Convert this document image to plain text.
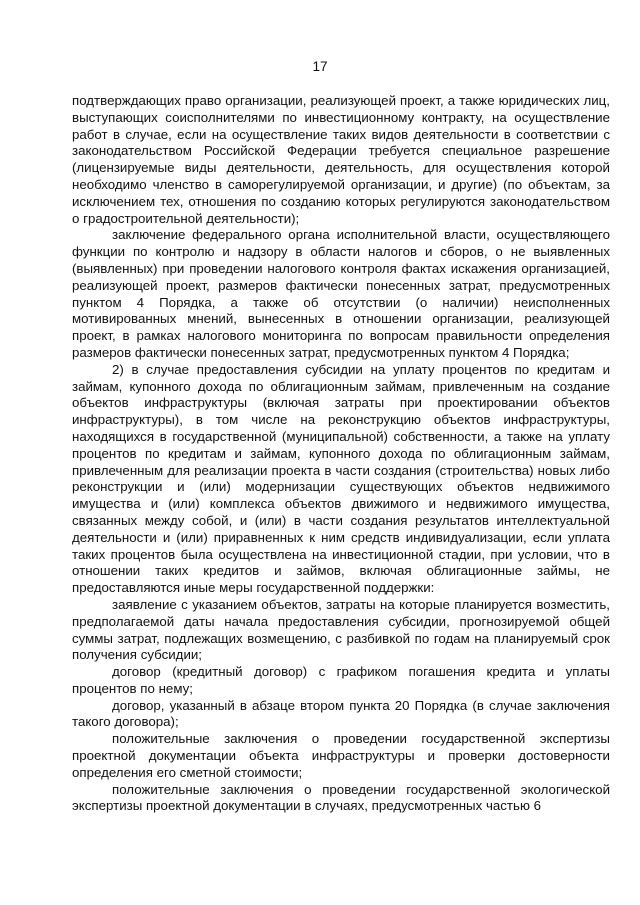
17

подтверждающих право организации, реализующей проект, а также юридических лиц, выступающих соисполнителями по инвестиционному контракту, на осуществление работ в случае, если на осуществление таких видов деятельности в соответствии с законодательством Российской Федерации требуется специальное разрешение (лицензируемые виды деятельности, деятельность, для осуществления которой необходимо членство в саморегулируемой организации, и другие) (по объектам, за исключением тех, отношения по созданию которых регулируются законодательством о градостроительной деятельности);

заключение федерального органа исполнительной власти, осуществляющего функции по контролю и надзору в области налогов и сборов, о не выявленных (выявленных) при проведении налогового контроля фактах искажения организацией, реализующей проект, размеров фактически понесенных затрат, предусмотренных пунктом 4 Порядка, а также об отсутствии (о наличии) неисполненных мотивированных мнений, вынесенных в отношении организации, реализующей проект, в рамках налогового мониторинга по вопросам правильности определения размеров фактически понесенных затрат, предусмотренных пунктом 4 Порядка;

2) в случае предоставления субсидии на уплату процентов по кредитам и займам, купонного дохода по облигационным займам, привлеченным на создание объектов инфраструктуры (включая затраты при проектировании объектов инфраструктуры), в том числе на реконструкцию объектов инфраструктуры, находящихся в государственной (муниципальной) собственности, а также на уплату процентов по кредитам и займам, купонного дохода по облигационным займам, привлеченным для реализации проекта в части создания (строительства) новых либо реконструкции и (или) модернизации существующих объектов недвижимого имущества и (или) комплекса объектов движимого и недвижимого имущества, связанных между собой, и (или) в части создания результатов интеллектуальной деятельности и (или) приравненных к ним средств индивидуализации, если уплата таких процентов была осуществлена на инвестиционной стадии, при условии, что в отношении таких кредитов и займов, включая облигационные займы, не предоставляются иные меры государственной поддержки:

заявление с указанием объектов, затраты на которые планируется возместить, предполагаемой даты начала предоставления субсидии, прогнозируемой общей суммы затрат, подлежащих возмещению, с разбивкой по годам на планируемый срок получения субсидии;

договор (кредитный договор) с графиком погашения кредита и уплаты процентов по нему;

договор, указанный в абзаце втором пункта 20 Порядка (в случае заключения такого договора);

положительные заключения о проведении государственной экспертизы проектной документации объекта инфраструктуры и проверки достоверности определения его сметной стоимости;

положительные заключения о проведении государственной экологической экспертизы проектной документации в случаях, предусмотренных частью 6
